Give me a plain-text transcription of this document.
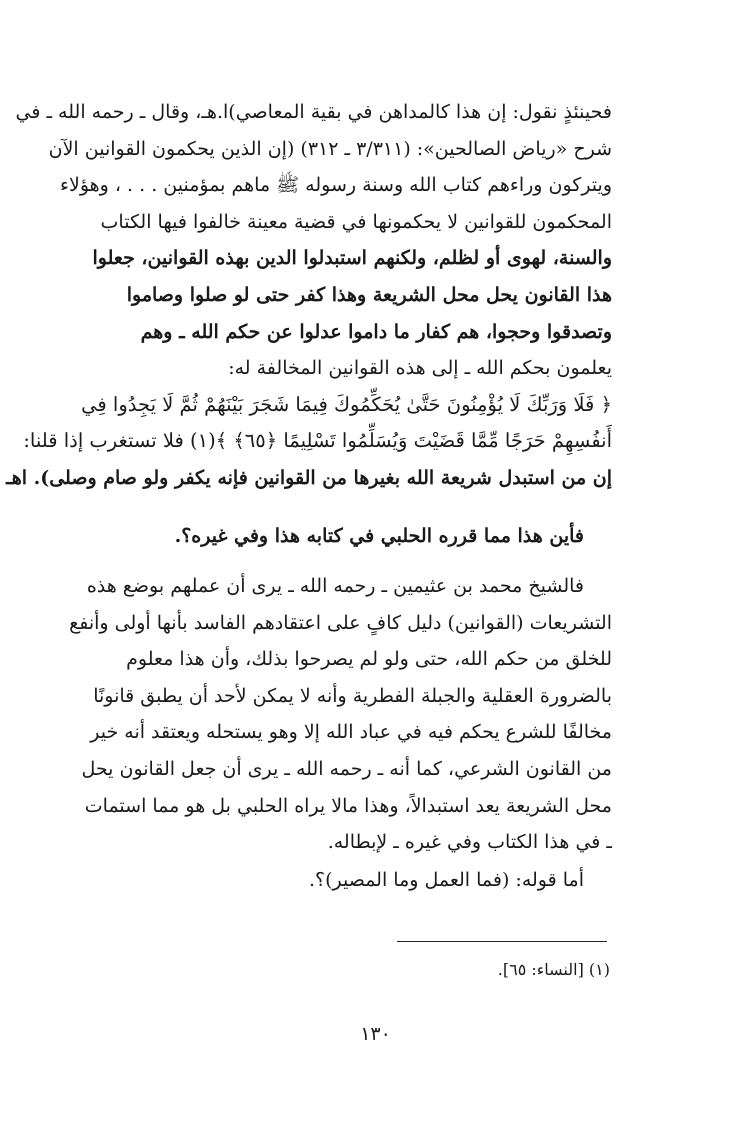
فحينئذٍ نقول: إن هذا كالمداهن في بقية المعاصي)ا.هـ، وقال ـ رحمه الله ـ في
شرح «رياض الصالحين»: (٣/٣١١ ـ ٣١٢) (إن الذين يحكمون القوانين الآن
ويتركون وراءهم كتاب الله وسنة رسوله ﷺ ماهم بمؤمنين . . . ، وهؤلاء
المحكمون للقوانين لا يحكمونها في قضية معينة خالفوا فيها الكتاب
والسنة، لهوى أو لظلم، ولكنهم استبدلوا الدين بهذه القوانين، جعلوا
هذا القانون يحل محل الشريعة وهذا كفر حتى لو صلوا وصاموا
وتصدقوا وحجوا، هم كفار ما داموا عدلوا عن حكم الله ـ وهم
يعلمون بحكم الله ـ إلى هذه القوانين المخالفة له:
﴿ فَلَا وَرَبِّكَ لَا يُؤْمِنُونَ حَتَّىٰ يُحَكِّمُوكَ فِيمَا شَجَرَ بَيْنَهُمْ ثُمَّ لَا يَجِدُوا فِي
أَنفُسِهِمْ حَرَجًا مِّمَّا قَضَيْتَ وَيُسَلِّمُوا تَسْلِيمًا ﴿٦٥﴾ ﴾(١) فلا تستغرب إذا قلنا:
إن من استبدل شريعة الله بغيرها من القوانين فإنه يكفر ولو صام وصلى). اهـ

فأين هذا مما قرره الحلبي في كتابه هذا وفي غيره؟.

فالشيخ محمد بن عثيمين ـ رحمه الله ـ يرى أن عملهم بوضع هذه
التشريعات (القوانين) دليل كافٍ على اعتقادهم الفاسد بأنها أولى وأنفع
للخلق من حكم الله، حتى ولو لم يصرحوا بذلك، وأن هذا معلوم
بالضرورة العقلية والجبلة الفطرية وأنه لا يمكن لأحد أن يطبق قانونًا
مخالفًا للشرع يحكم فيه في عباد الله إلا وهو يستحله ويعتقد أنه خير
من القانون الشرعي، كما أنه ـ رحمه الله ـ يرى أن جعل القانون يحل
محل الشريعة يعد استبدالاً، وهذا مالا يراه الحلبي بل هو مما استمات
ـ في هذا الكتاب وفي غيره ـ لإبطاله.

أما قوله: (فما العمل وما المصير)؟.

(١) [النساء: ٦٥].
١٣٠
